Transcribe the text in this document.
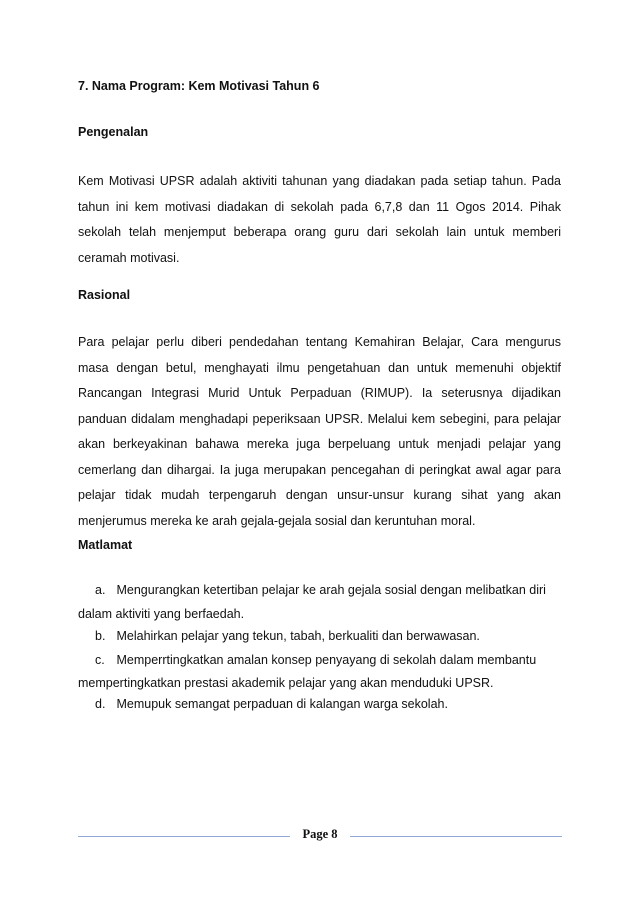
7. Nama Program: Kem Motivasi Tahun 6

Pengenalan

Kem Motivasi UPSR adalah aktiviti tahunan yang diadakan pada setiap tahun. Pada tahun ini kem motivasi diadakan di sekolah pada 6,7,8 dan 11 Ogos 2014. Pihak sekolah telah menjemput beberapa orang guru dari sekolah lain untuk memberi ceramah motivasi.

Rasional

Para pelajar perlu diberi pendedahan tentang Kemahiran Belajar, Cara mengurus masa dengan betul, menghayati ilmu pengetahuan dan untuk memenuhi objektif Rancangan Integrasi Murid Untuk Perpaduan (RIMUP). Ia seterusnya dijadikan panduan didalam menghadapi peperiksaan UPSR. Melalui kem sebegini, para pelajar akan berkeyakinan bahawa mereka juga berpeluang untuk menjadi pelajar yang cemerlang dan dihargai. Ia juga merupakan pencegahan di peringkat awal agar para pelajar tidak mudah terpengaruh dengan unsur-unsur kurang sihat yang akan menjerumus mereka ke arah gejala-gejala sosial dan keruntuhan moral.

Matlamat

a. Mengurangkan ketertiban pelajar ke arah gejala sosial dengan melibatkan diri
dalam aktiviti yang berfaedah.
b. Melahirkan pelajar yang tekun, tabah, berkualiti dan berwawasan.
c. Memperrtingkatkan amalan konsep penyayang di sekolah dalam membantu
mempertingkatkan prestasi akademik pelajar yang akan menduduki UPSR.
d. Memupuk semangat perpaduan di kalangan warga sekolah.
Page 8
